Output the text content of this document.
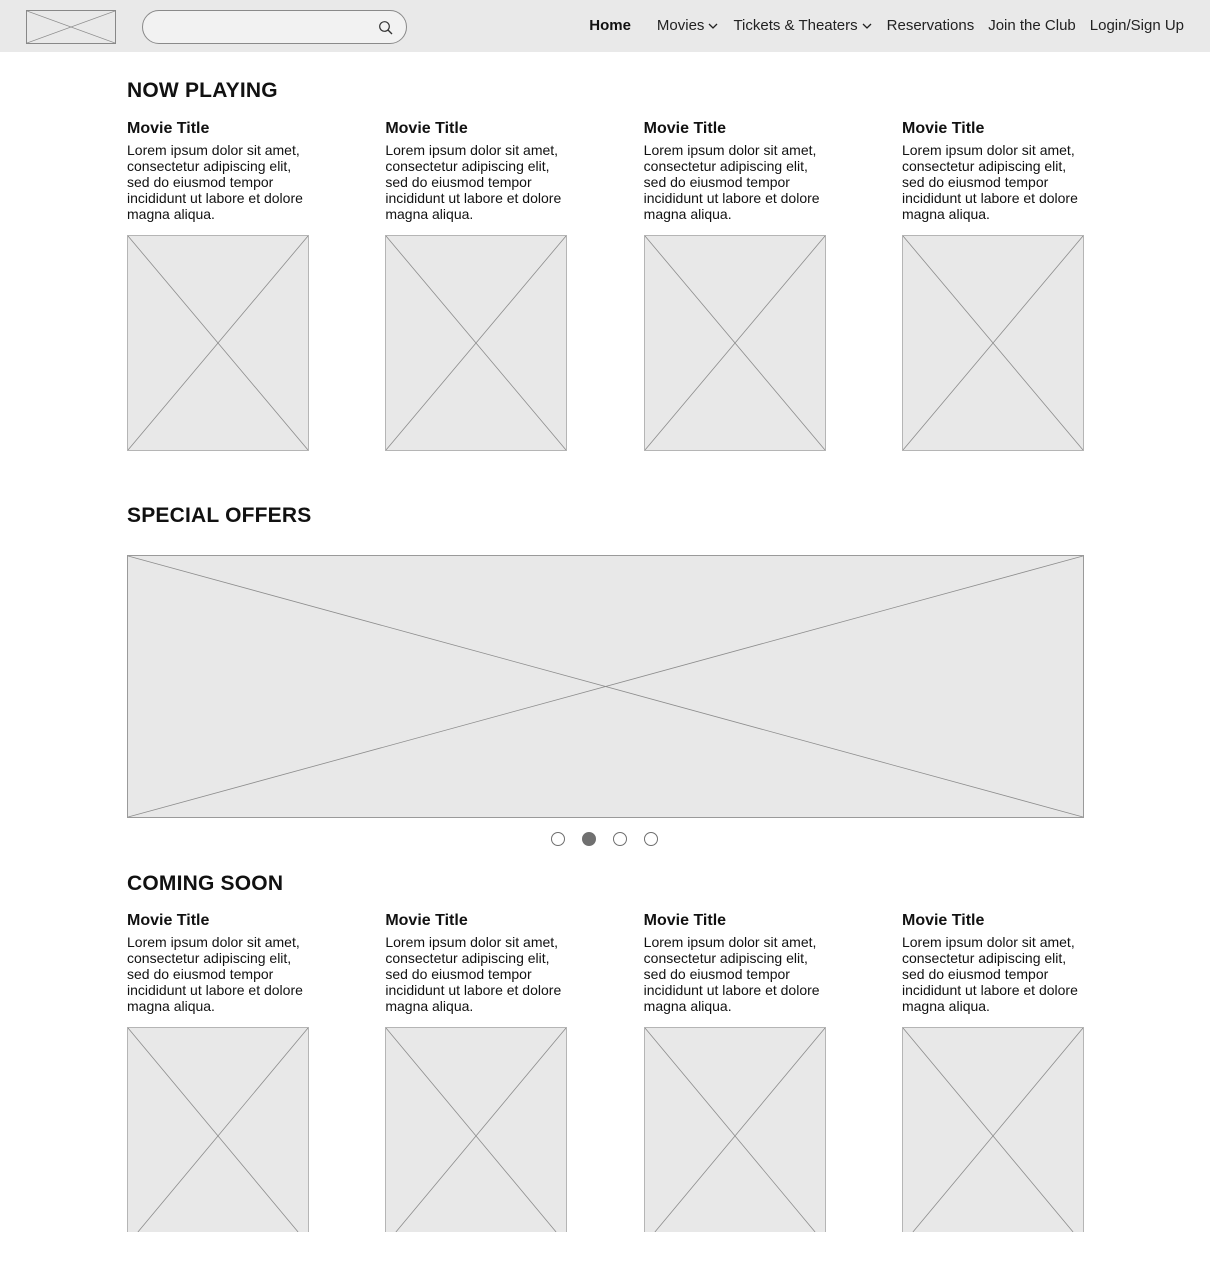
Home Movies Tickets & Theaters Reservations Join the Club Login/Sign Up
NOW PLAYING
Movie Title
Lorem ipsum dolor sit amet, consectetur adipiscing elit, sed do eiusmod tempor incididunt ut labore et dolore magna aliqua.
Movie Title
Lorem ipsum dolor sit amet, consectetur adipiscing elit, sed do eiusmod tempor incididunt ut labore et dolore magna aliqua.
Movie Title
Lorem ipsum dolor sit amet, consectetur adipiscing elit, sed do eiusmod tempor incididunt ut labore et dolore magna aliqua.
Movie Title
Lorem ipsum dolor sit amet, consectetur adipiscing elit, sed do eiusmod tempor incididunt ut labore et dolore magna aliqua.
SPECIAL OFFERS
COMING SOON
Movie Title
Lorem ipsum dolor sit amet, consectetur adipiscing elit, sed do eiusmod tempor incididunt ut labore et dolore magna aliqua.
Movie Title
Lorem ipsum dolor sit amet, consectetur adipiscing elit, sed do eiusmod tempor incididunt ut labore et dolore magna aliqua.
Movie Title
Lorem ipsum dolor sit amet, consectetur adipiscing elit, sed do eiusmod tempor incididunt ut labore et dolore magna aliqua.
Movie Title
Lorem ipsum dolor sit amet, consectetur adipiscing elit, sed do eiusmod tempor incididunt ut labore et dolore magna aliqua.
